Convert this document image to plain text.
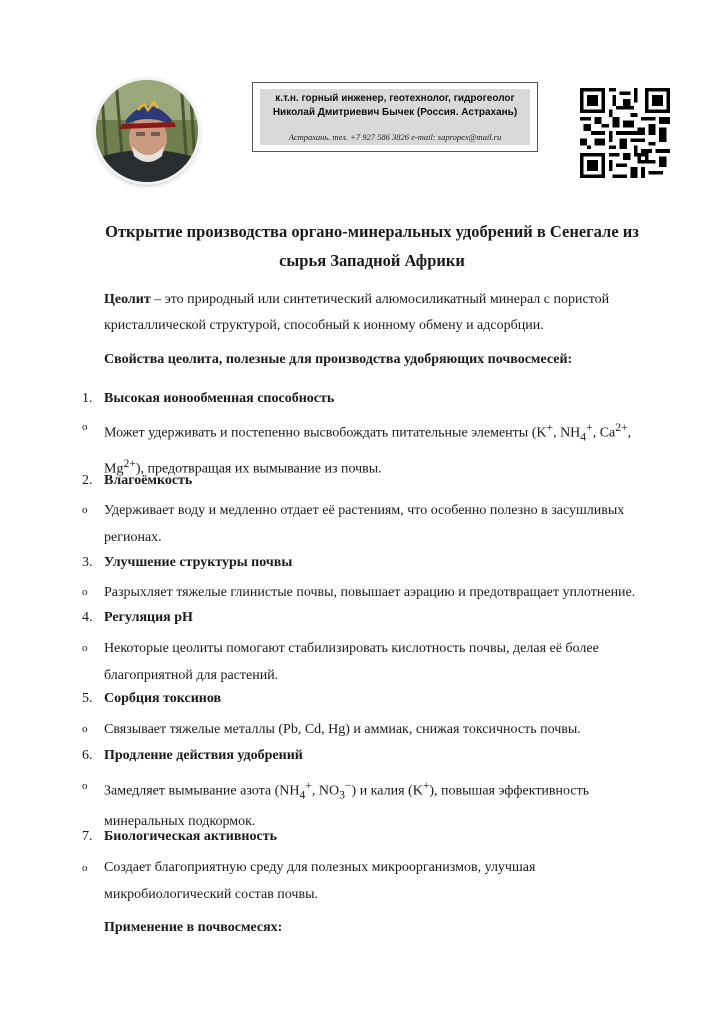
к.т.н. горный инженер, геотехнолог, гидрогеолог
Николай Дмитриевич Бычек (Россия. Астрахань)
Астрахань. тел. +7 927 586 3826 e-mail: sapropex@mail.ru
Открытие производства органо-минеральных удобрений в Сенегале из
сырья Западной Африки
Цеолит – это природный или синтетический алюмосиликатный минерал с пористой кристаллической структурой, способный к ионному обмену и адсорбции.
Свойства цеолита, полезные для производства удобряющих почвосмесей:
1. Высокая ионообменная способность
o Может удерживать и постепенно высвобождать питательные элементы (K+, $NH_4^+$, $Ca^{2+}$,
$Mg^{2+}$), предотвращая их вымывание из почвы.
2. Влагоёмкость
o Удерживает воду и медленно отдает её растениям, что особенно полезно в засушливых регионах.
3. Улучшение структуры почвы
o Разрыхляет тяжелые глинистые почвы, повышает аэрацию и предотвращает уплотнение.
4. Регуляция pH
o Некоторые цеолиты помогают стабилизировать кислотность почвы, делая её более благоприятной для растений.
5. Сорбция токсинов
o Связывает тяжелые металлы (Pb, Cd, Hg) и аммиак, снижая токсичность почвы.
6. Продление действия удобрений
o Замедляет вымывание азота ($NH_4^+$, $NO_3^-$) и калия (K+), повышая эффективность
минеральных подкормок.
7. Биологическая активность
o Создает благоприятную среду для полезных микроорганизмов, улучшая микробиологический состав почвы.
Применение в почвосмесях:
